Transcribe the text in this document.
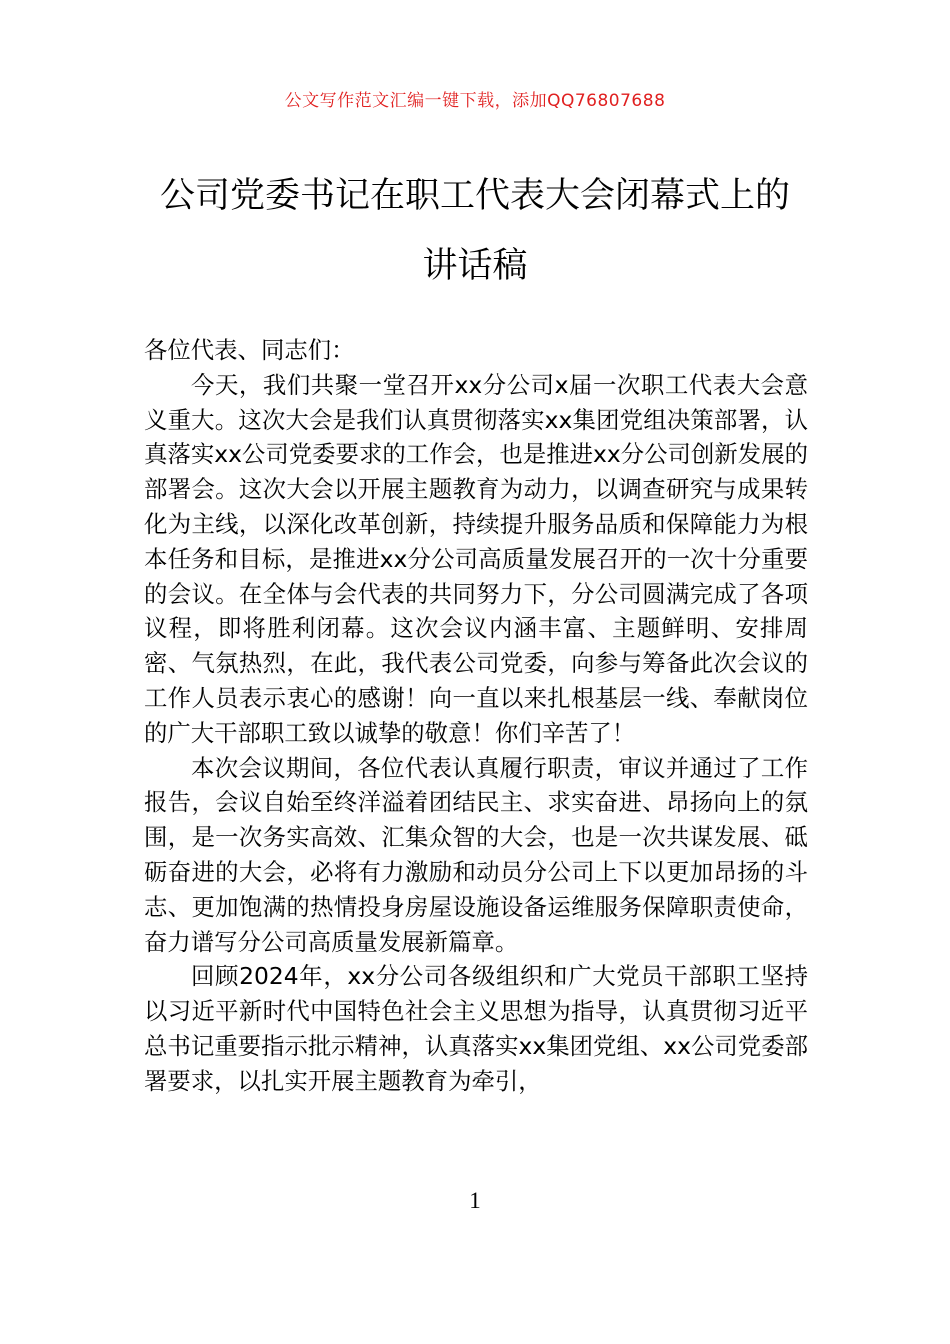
公文写作范文汇编一键下载，添加QQ76807688
公司党委书记在职工代表大会闭幕式上的
讲话稿

各位代表、同志们：

今天，我们共聚一堂召开xx分公司x届一次职工代表大会意义重大。这次大会是我们认真贯彻落实xx集团党组决策部署，认真落实xx公司党委要求的工作会，也是推进xx分公司创新发展的部署会。这次大会以开展主题教育为动力，以调查研究与成果转化为主线，以深化改革创新，持续提升服务品质和保障能力为根本任务和目标，是推进xx分公司高质量发展召开的一次十分重要的会议。在全体与会代表的共同努力下，分公司圆满完成了各项议程，即将胜利闭幕。这次会议内涵丰富、主题鲜明、安排周密、气氛热烈，在此，我代表公司党委，向参与筹备此次会议的工作人员表示衷心的感谢！向一直以来扎根基层一线、奉献岗位的广大干部职工致以诚挚的敬意！你们辛苦了！

本次会议期间，各位代表认真履行职责，审议并通过了工作报告，会议自始至终洋溢着团结民主、求实奋进、昂扬向上的氛围，是一次务实高效、汇集众智的大会，也是一次共谋发展、砥砺奋进的大会，必将有力激励和动员分公司上下以更加昂扬的斗志、更加饱满的热情投身房屋设施设备运维服务保障职责使命，奋力谱写分公司高质量发展新篇章。

回顾2024年，xx分公司各级组织和广大党员干部职工坚持以习近平新时代中国特色社会主义思想为指导，认真贯彻习近平总书记重要指示批示精神，认真落实xx集团党组、xx公司党委部署要求，以扎实开展主题教育为牵引，

1
